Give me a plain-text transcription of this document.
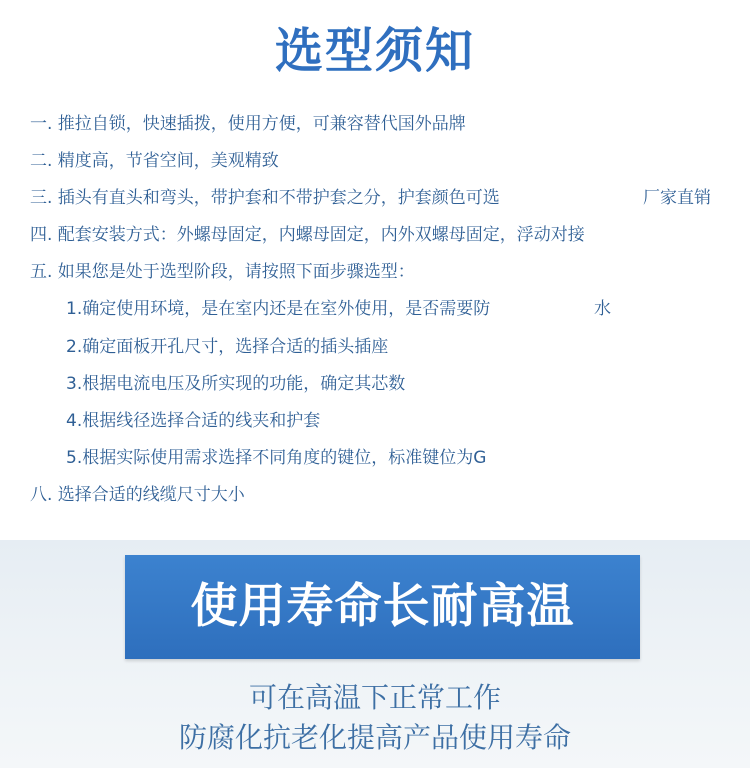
选型须知
一. 推拉自锁，快速插拨，使用方便，可兼容替代国外品牌
二. 精度高，节省空间，美观精致
三. 插头有直头和弯头，带护套和不带护套之分，护套颜色可选	厂家直销
四. 配套安装方式：外螺母固定，内螺母固定，内外双螺母固定，浮动对接
五. 如果您是处于选型阶段，请按照下面步骤选型：
1.确定使用环境，是在室内还是在室外使用，是否需要防	水
2.确定面板开孔尺寸，选择合适的插头插座
3.根据电流电压及所实现的功能，确定其芯数
4.根据线径选择合适的线夹和护套
5.根据实际使用需求选择不同角度的键位，标准键位为G
八. 选择合适的线缆尺寸大小
使用寿命长耐高温
可在高温下正常工作
防腐化抗老化提高产品使用寿命
